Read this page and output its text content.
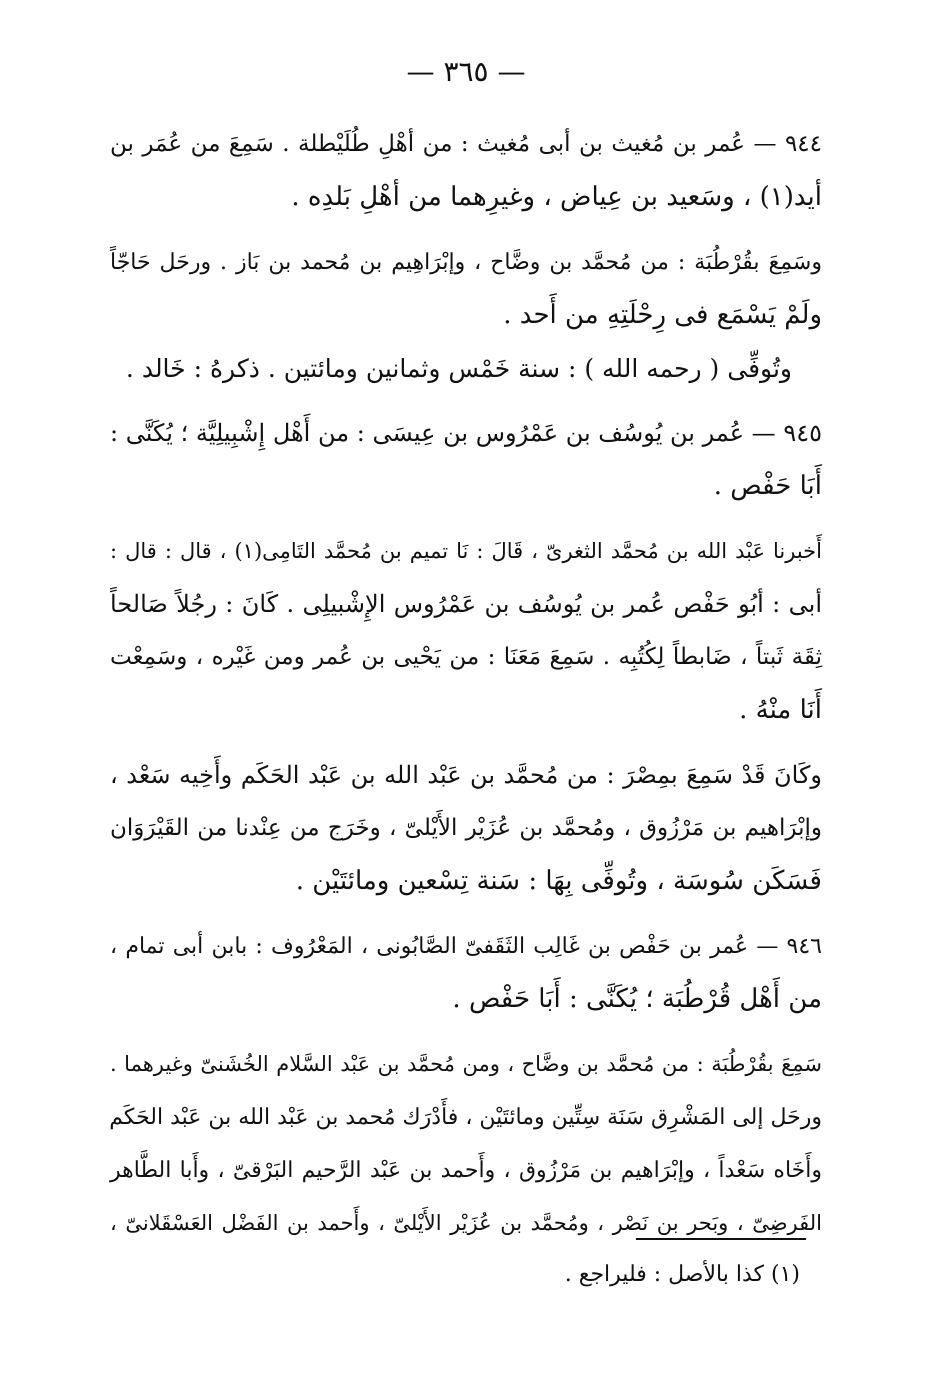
— ٣٦٥ —
٩٤٤ — عُمر بن مُغيث بن أبى مُغيث : من أهْلِ طُلَيْطلة . سَمِعَ من عُمَر بن
أيد(١) ، وسَعيد بن عِياض ، وغيرِهما من أهْلِ بَلدِه .
وسَمِعَ بقُرْطُبَة : من مُحمَّد بن وضَّاح ، وإبْرَاهِيم بن مُحمد بن بَاز . ورحَل حَاجّاً
ولَمْ يَسْمَع فى رِحْلَتِهِ من أَحد .
وتُوفِّى ( رحمه الله ) : سنة خَمْس وثمانين ومائتين . ذكرهُ : خَالد .
٩٤٥ — عُمر بن يُوسُف بن عَمْرُوس بن عِيسَى : من أَهْل إِشْبِيلِيَّة ؛ يُكَنَّى :
أَبَا حَفْص .
أَخبرنا عَبْد الله بن مُحمَّد الثغرىّ ، قَالَ : نَا تميم بن مُحمَّد التَامِى(١) ، قال : قال :
أبى : أبُو حَفْص عُمر بن يُوسُف بن عَمْرُوس الإِشْبيلِى . كَانَ : رجُلاً صَالحاً
ثِقَة ثَبتاً ، ضَابطاً لِكُتُبِه . سَمِعَ مَعَنَا : من يَحْيى بن عُمر ومن غَيْره ، وسَمِعْت
أَنَا منْهُ .
وكَانَ قَدْ سَمِعَ بمِصْرَ : من مُحمَّد بن عَبْد الله بن عَبْد الحَكَم وأَخِيه سَعْد ،
وإبْرَاهيم بن مَرْزُوق ، ومُحمَّد بن عُزَيْر الأَيْلىّ ، وخَرَج من عِنْدنا من القَيْرَوَان
فَسَكَن سُوسَة ، وتُوفِّى بِهَا : سَنة تِسْعين ومائتَيْن .
٩٤٦ — عُمر بن حَفْص بن غَالِب الثَقَفىّ الصَّابُونى ، المَعْرُوف : بابن أبى تمام ،
من أَهْل قُرْطُبَة ؛ يُكَنَّى : أَبَا حَفْص .
سَمِعَ بقُرْطُبَة : من مُحمَّد بن وضَّاح ، ومن مُحمَّد بن عَبْد السَّلام الخُشَنىّ وغيرهما .
ورحَل إلى المَشْرِق سَنَة سِتِّين ومائتَيْن ، فأَدْرَك مُحمد بن عَبْد الله بن عَبْد الحَكَم
وأَخَاه سَعْداً ، وإبْرَاهيم بن مَرْزُوق ، وأَحمد بن عَبْد الرَّحيم البَرْقىّ ، وأَبا الطَّاهر
الفَرضِىّ ، وبَحر بن نَصْر ، ومُحمَّد بن عُزَيْر الأَيْلىّ ، وأَحمد بن الفَضْل العَسْقَلانىّ ،
(١) كذا بالأصل : فليراجع .
